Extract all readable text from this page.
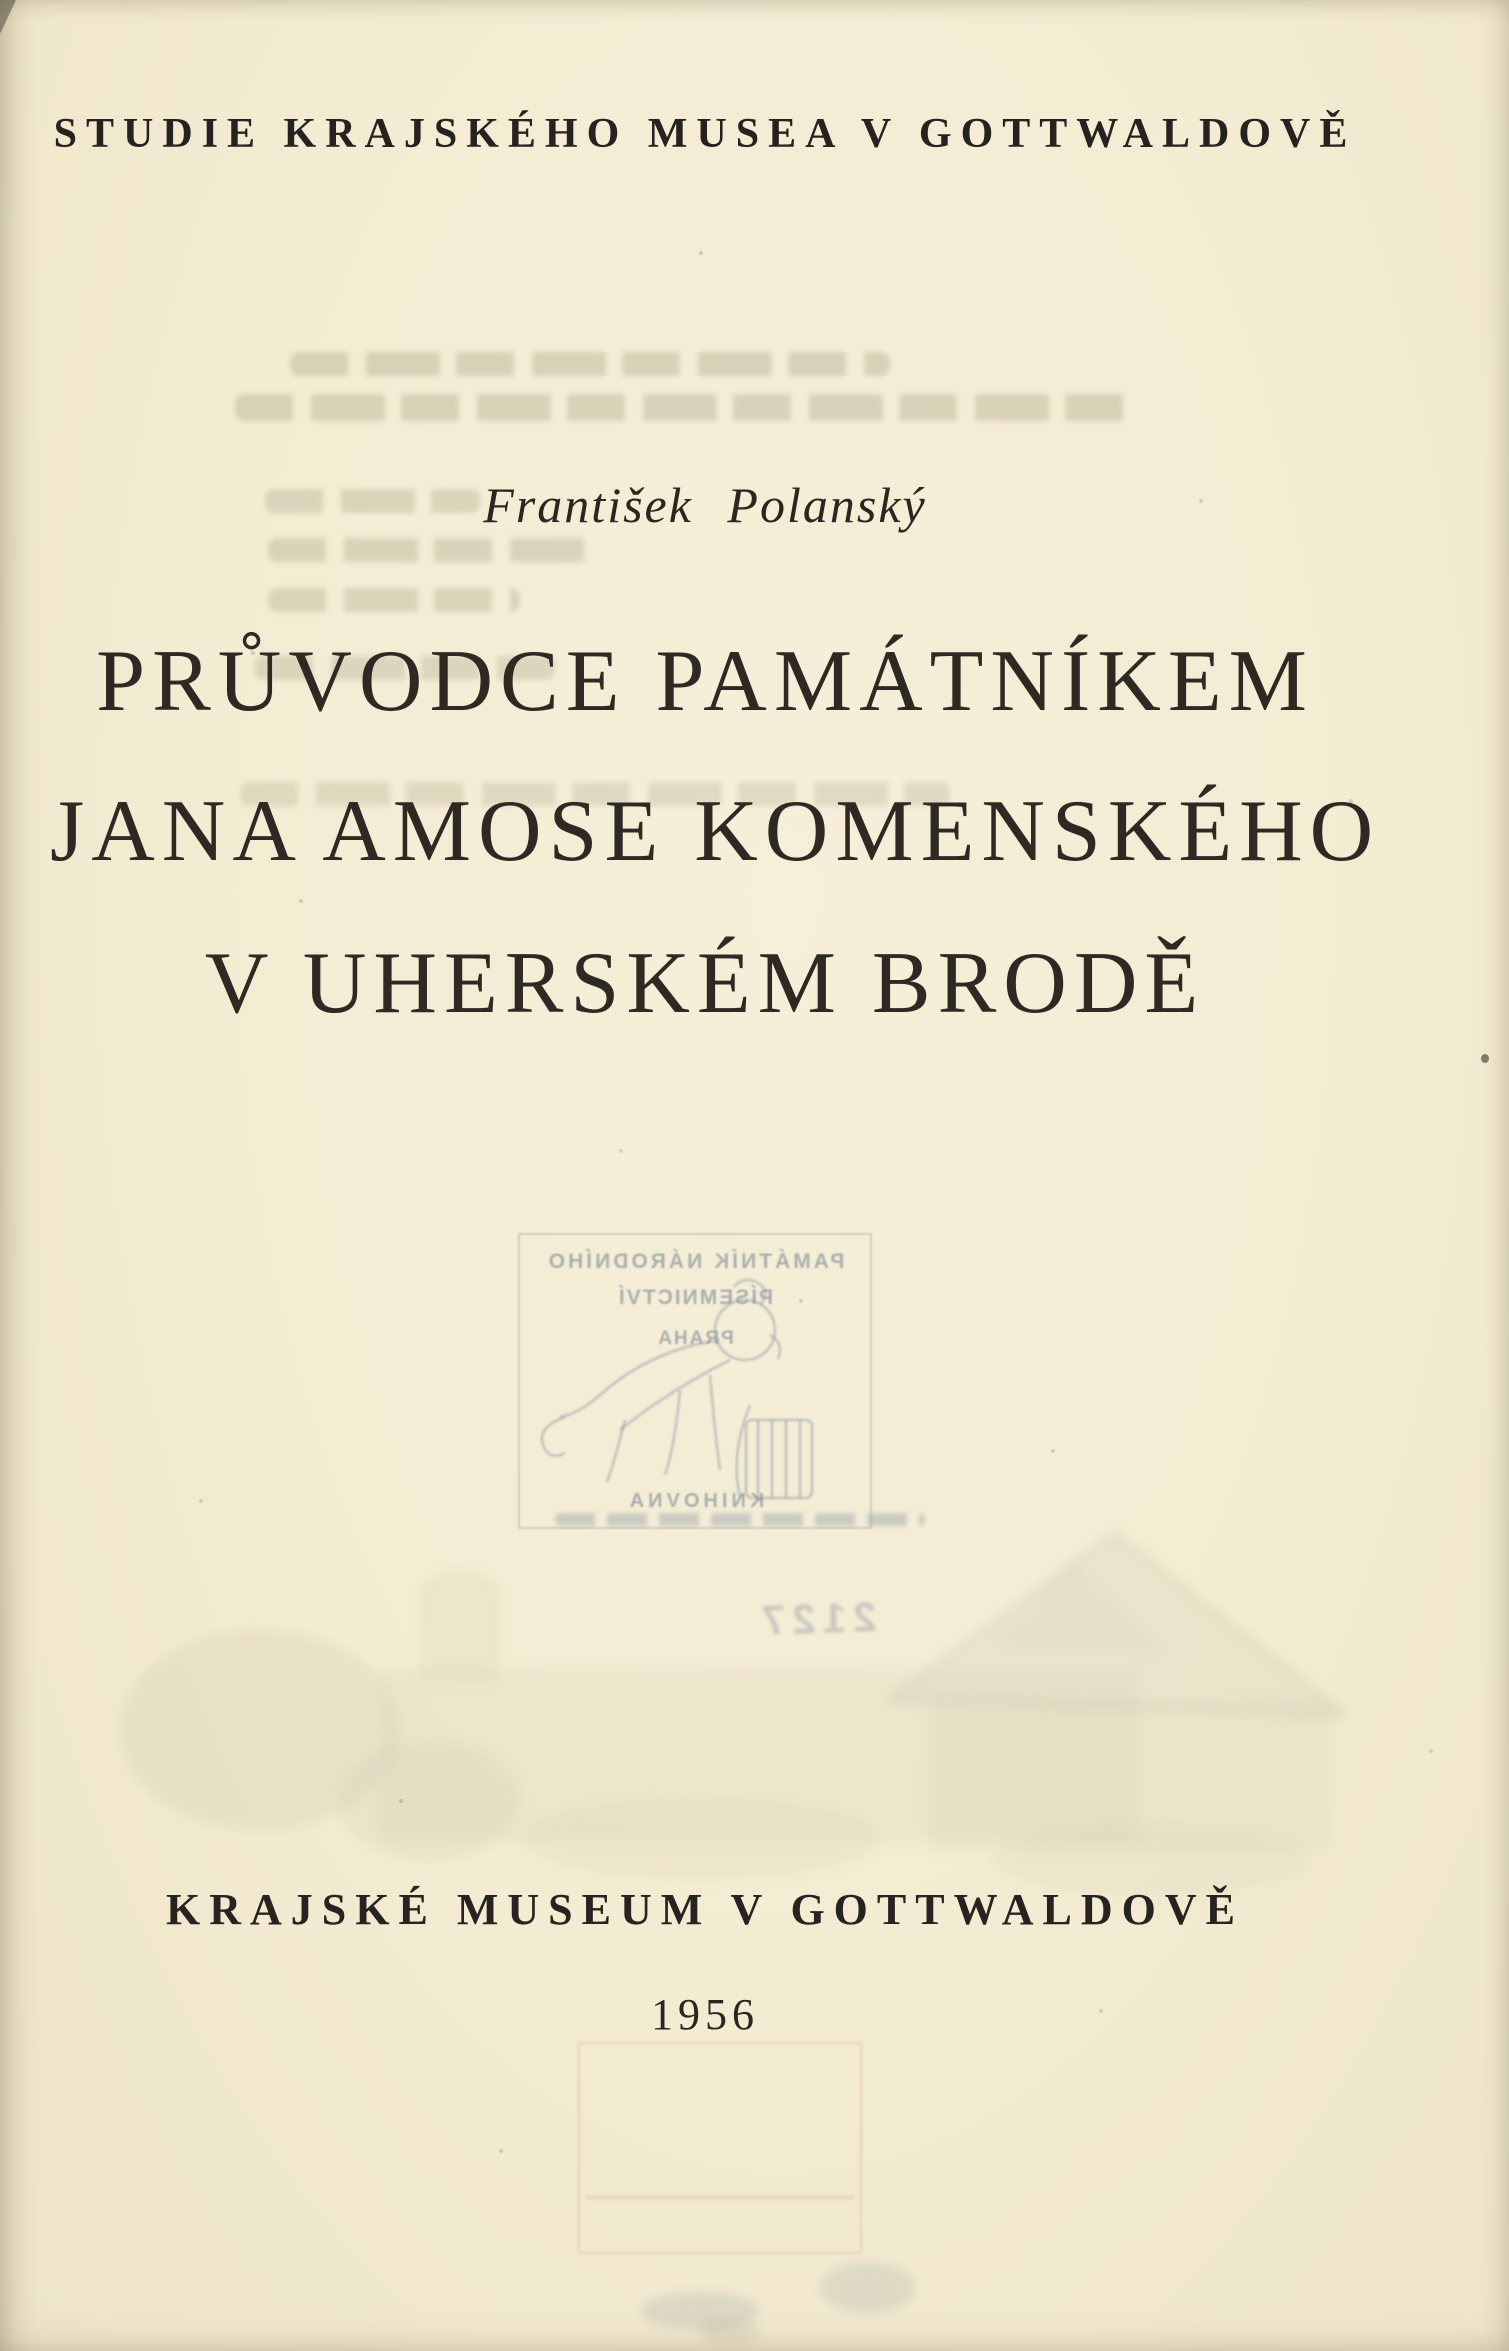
STUDIE KRAJSKÉHO MUSEA V GOTTWALDOVĚ
František Polanský
PRŮVODCE PAMÁTNÍKEM
JANA AMOSE KOMENSKÉHO
V UHERSKÉM BRODĚ
PAMÁTNÍK NÁRODNÍHO
PÍSEMNICTVÍ
PRAHA
KNIHOVNA
2127
KRAJSKÉ MUSEUM V GOTTWALDOVĚ
1956
